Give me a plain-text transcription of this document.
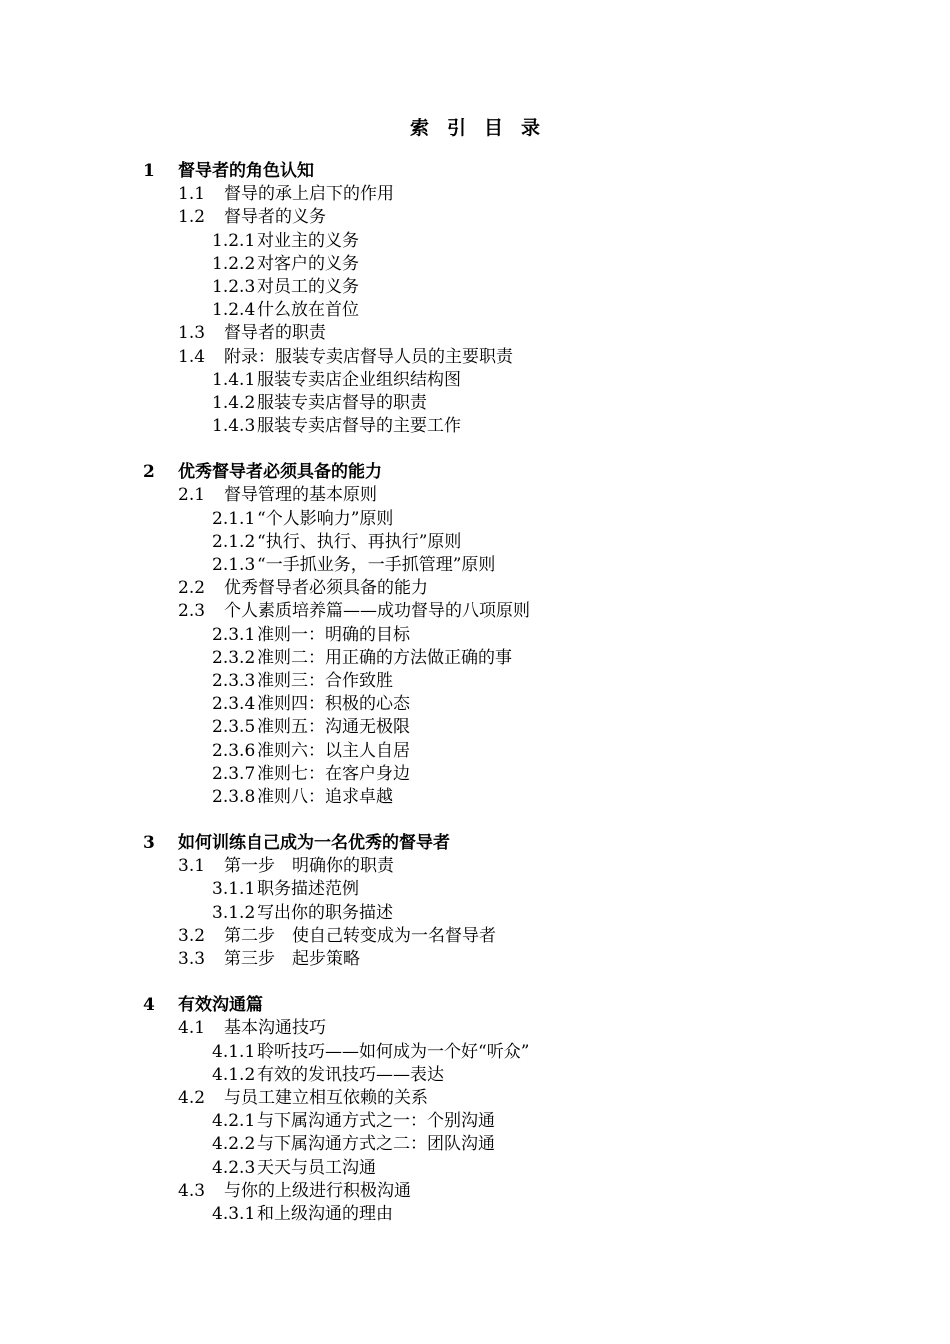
索引目录
1 督导者的角色认知
1.1 督导的承上启下的作用
1.2 督导者的义务
1.2.1 对业主的义务
1.2.2 对客户的义务
1.2.3 对员工的义务
1.2.4 什么放在首位
1.3 督导者的职责
1.4 附录：服装专卖店督导人员的主要职责
1.4.1 服装专卖店企业组织结构图
1.4.2 服装专卖店督导的职责
1.4.3 服装专卖店督导的主要工作
2 优秀督导者必须具备的能力
2.1 督导管理的基本原则
2.1.1 “个人影响力”原则
2.1.2 “执行、执行、再执行”原则
2.1.3 “一手抓业务，一手抓管理”原则
2.2 优秀督导者必须具备的能力
2.3 个人素质培养篇——成功督导的八项原则
2.3.1 准则一：明确的目标
2.3.2 准则二：用正确的方法做正确的事
2.3.3 准则三：合作致胜
2.3.4 准则四：积极的心态
2.3.5 准则五：沟通无极限
2.3.6 准则六：以主人自居
2.3.7 准则七：在客户身边
2.3.8 准则八：追求卓越
3 如何训练自己成为一名优秀的督导者
3.1 第一步　明确你的职责
3.1.1 职务描述范例
3.1.2 写出你的职务描述
3.2 第二步　使自己转变成为一名督导者
3.3 第三步　起步策略
4 有效沟通篇
4.1 基本沟通技巧
4.1.1 聆听技巧——如何成为一个好“听众”
4.1.2 有效的发讯技巧——表达
4.2 与员工建立相互依赖的关系
4.2.1 与下属沟通方式之一：个别沟通
4.2.2 与下属沟通方式之二：团队沟通
4.2.3 天天与员工沟通
4.3 与你的上级进行积极沟通
4.3.1 和上级沟通的理由
